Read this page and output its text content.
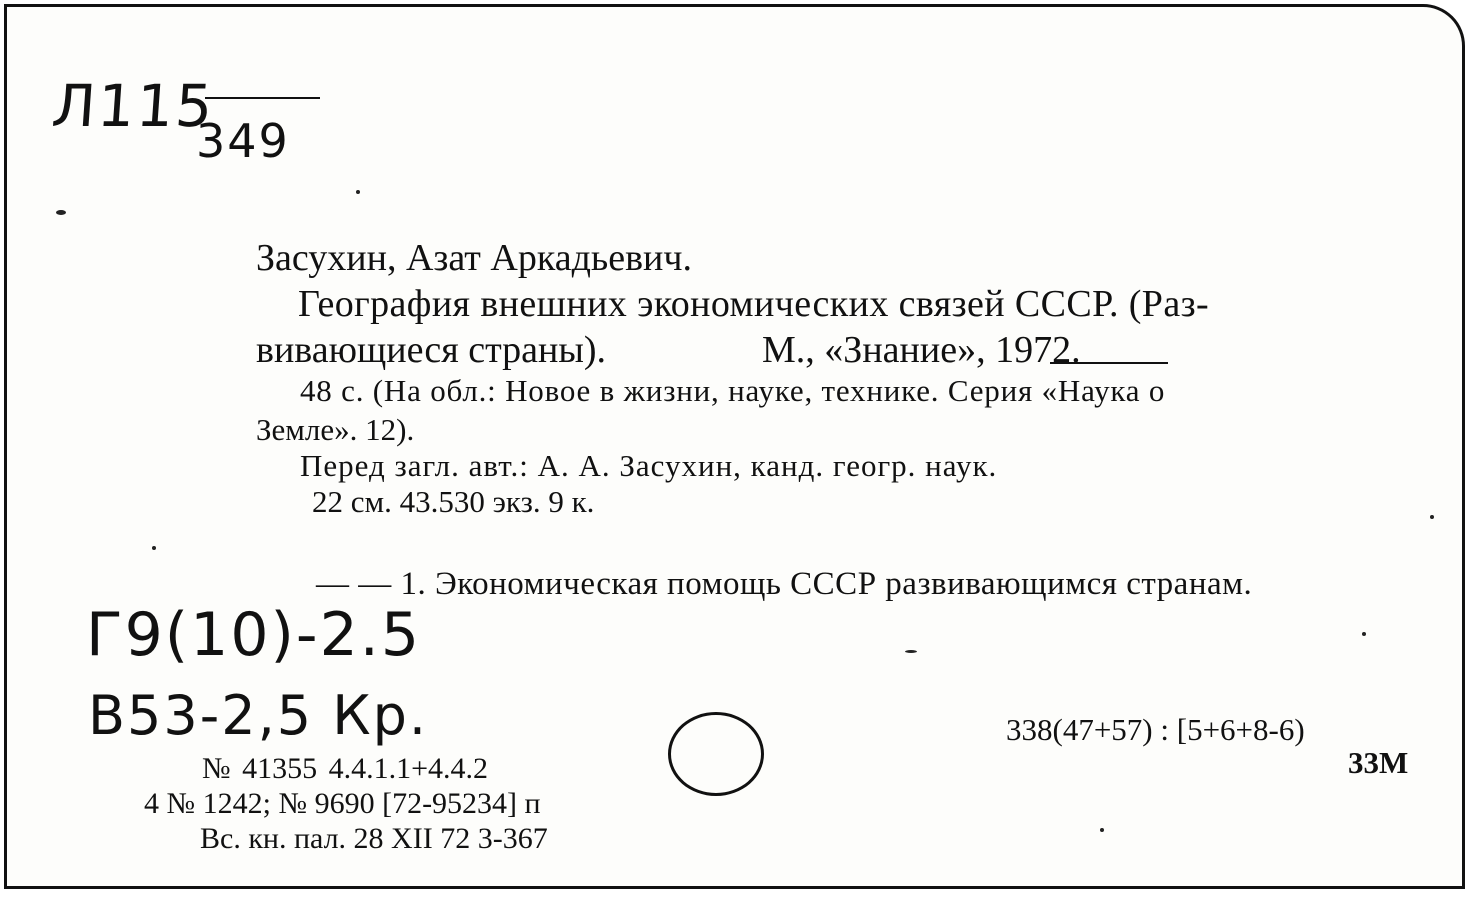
Л115
349
Засухин, Азат Аркадьевич.
География внешних экономических связей СССР. (Раз-
вивающиеся страны).	М., «Знание», 1972.
48 с. (На обл.: Новое в жизни, науке, технике. Серия «Наука о
Земле». 12).
Перед загл. авт.: А. А. Засухин, канд. геогр. наук.
22 см. 43.530 экз. 9 к.
— — 1. Экономическая помощь СССР развивающимся странам.
Г9(10)-2.5
В53-2,5 Кр.
№ 41355 4.4.1.1+4.4.2
4 № 1242; № 9690 [72-95234] п
Вс. кн. пал. 28 XII 72 3-367
338(47+57) : [5+6+8-6)
33М
